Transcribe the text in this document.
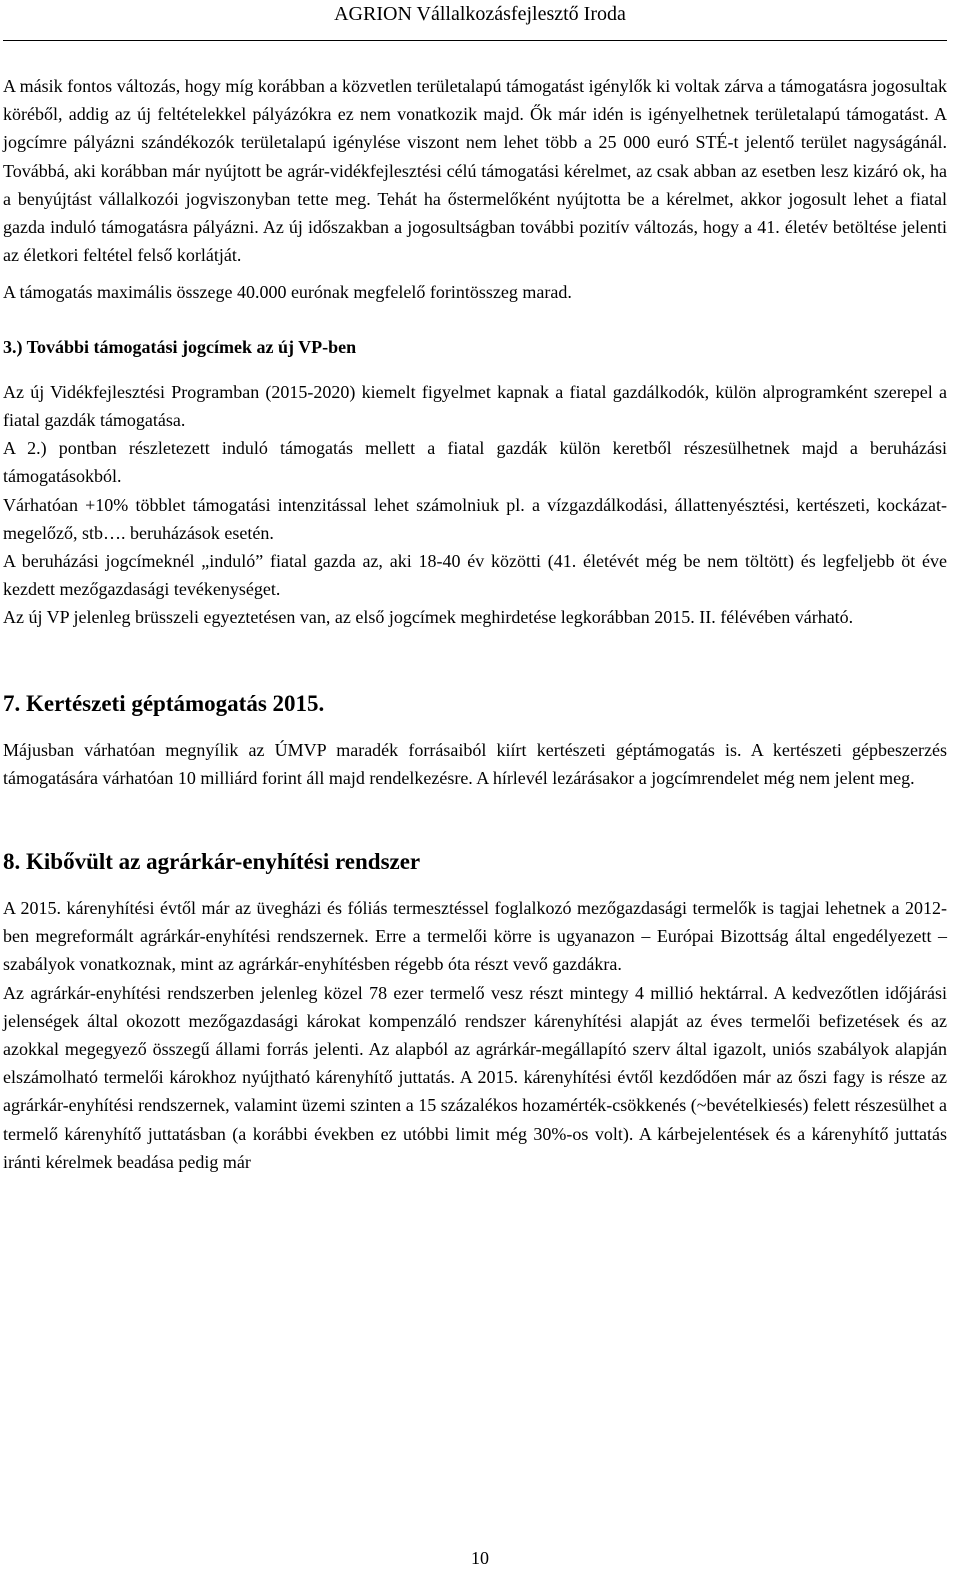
AGRION Vállalkozásfejlesztő Iroda

A másik fontos változás, hogy míg korábban a közvetlen területalapú támogatást igénylők ki voltak zárva a támogatásra jogosultak köréből, addig az új feltételekkel pályázókra ez nem vonatkozik majd. Ők már idén is igényelhetnek területalapú támogatást. A jogcímre pályázni szándékozók területalapú igénylése viszont nem lehet több a 25 000 euró STÉ-t jelentő terület nagyságánál. Továbbá, aki korábban már nyújtott be agrár-vidékfejlesztési célú támogatási kérelmet, az csak abban az esetben lesz kizáró ok, ha a benyújtást vállalkozói jogviszonyban tette meg. Tehát ha őstermelőként nyújtotta be a kérelmet, akkor jogosult lehet a fiatal gazda induló támogatásra pályázni. Az új időszakban a jogosultságban további pozitív változás, hogy a 41. életév betöltése jelenti az életkori feltétel felső korlátját.

A támogatás maximális összege 40.000 eurónak megfelelő forintösszeg marad.

3.) További támogatási jogcímek az új VP-ben

Az új Vidékfejlesztési Programban (2015-2020) kiemelt figyelmet kapnak a fiatal gazdálkodók, külön alprogramként szerepel a fiatal gazdák támogatása.

A 2.) pontban részletezett induló támogatás mellett a fiatal gazdák külön keretből részesülhetnek majd a beruházási támogatásokból.

Várhatóan +10% többlet támogatási intenzitással lehet számolniuk pl. a vízgazdálkodási, állattenyésztési, kertészeti, kockázat-megelőző, stb…. beruházások esetén.

A beruházási jogcímeknél „induló” fiatal gazda az, aki 18-40 év közötti (41. életévét még be nem töltött) és legfeljebb öt éve kezdett mezőgazdasági tevékenységet.

Az új VP jelenleg brüsszeli egyeztetésen van, az első jogcímek meghirdetése legkorábban 2015. II. félévében várható.

7. Kertészeti géptámogatás 2015.

Májusban várhatóan megnyílik az ÚMVP maradék forrásaiból kiírt kertészeti géptámogatás is. A kertészeti gépbeszerzés támogatására várhatóan 10 milliárd forint áll majd rendelkezésre. A hírlevél lezárásakor a jogcímrendelet még nem jelent meg.

8. Kibővült az agrárkár-enyhítési rendszer

A 2015. kárenyhítési évtől már az üvegházi és fóliás termesztéssel foglalkozó mezőgazdasági termelők is tagjai lehetnek a 2012-ben megreformált agrárkár-enyhítési rendszernek. Erre a termelői körre is ugyanazon – Európai Bizottság által engedélyezett – szabályok vonatkoznak, mint az agrárkár-enyhítésben régebb óta részt vevő gazdákra.

Az agrárkár-enyhítési rendszerben jelenleg közel 78 ezer termelő vesz részt mintegy 4 millió hektárral. A kedvezőtlen időjárási jelenségek által okozott mezőgazdasági károkat kompenzáló rendszer kárenyhítési alapját az éves termelői befizetések és az azokkal megegyező összegű állami forrás jelenti. Az alapból az agrárkár-megállapító szerv által igazolt, uniós szabályok alapján elszámolható termelői károkhoz nyújtható kárenyhítő juttatás. A 2015. kárenyhítési évtől kezdődően már az őszi fagy is része az agrárkár-enyhítési rendszernek, valamint üzemi szinten a 15 százalékos hozamérték-csökkenés (~bevételkiesés) felett részesülhet a termelő kárenyhítő juttatásban (a korábbi években ez utóbbi limit még 30%-os volt). A kárbejelentések és a kárenyhítő juttatás iránti kérelmek beadása pedig már

10
